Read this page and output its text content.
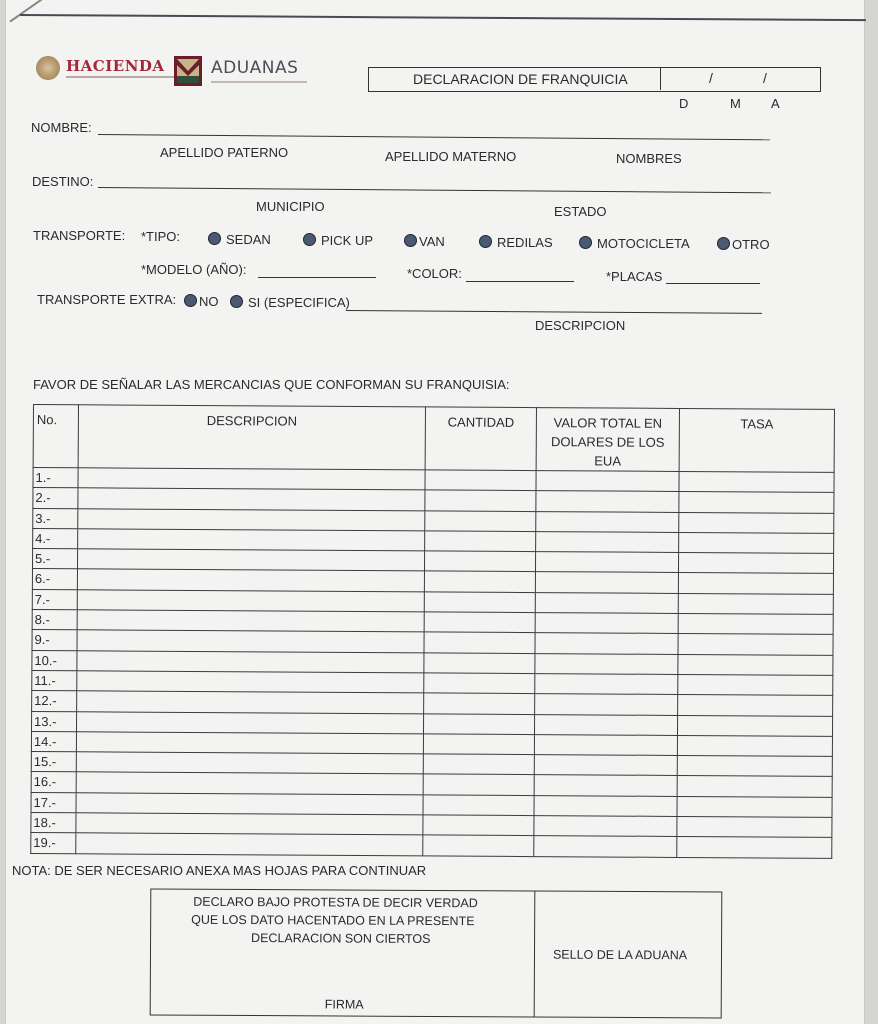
HACIENDA	ADUANAS
DECLARACION DE FRANQUICIA	/	/
D	M A
NOMBRE:
APELLIDO PATERNO	APELLIDO MATERNO	NOMBRES
DESTINO:
MUNICIPIO	ESTADO
TRANSPORTE: *TIPO:	SEDAN	PICK UP	VAN	REDILAS	MOTOCICLETA	OTRO
*MODELO (AÑO):	*COLOR:	*PLACAS
TRANSPORTE EXTRA:	NO	SI (ESPECIFICA)
DESCRIPCION
FAVOR DE SEÑALAR LAS MERCANCIAS QUE CONFORMAN SU FRANQUISIA:
No.	DESCRIPCION	CANTIDAD	VALOR TOTAL EN DOLARES DE LOS EUA	TASA
1.-				
2.-				
3.-				
4.-				
5.-				
6.-				
7.-				
8.-				
9.-				
10.-				
11.-				
12.-				
13.-				
14.-				
15.-				
16.-				
17.-				
18.-				
19.-				
NOTA: DE SER NECESARIO ANEXA MAS HOJAS PARA CONTINUAR
DECLARO BAJO PROTESTA DE DECIR VERDAD
QUE LOS DATO HACENTADO EN LA PRESENTE
DECLARACION SON CIERTOS
FIRMA
SELLO DE LA ADUANA
